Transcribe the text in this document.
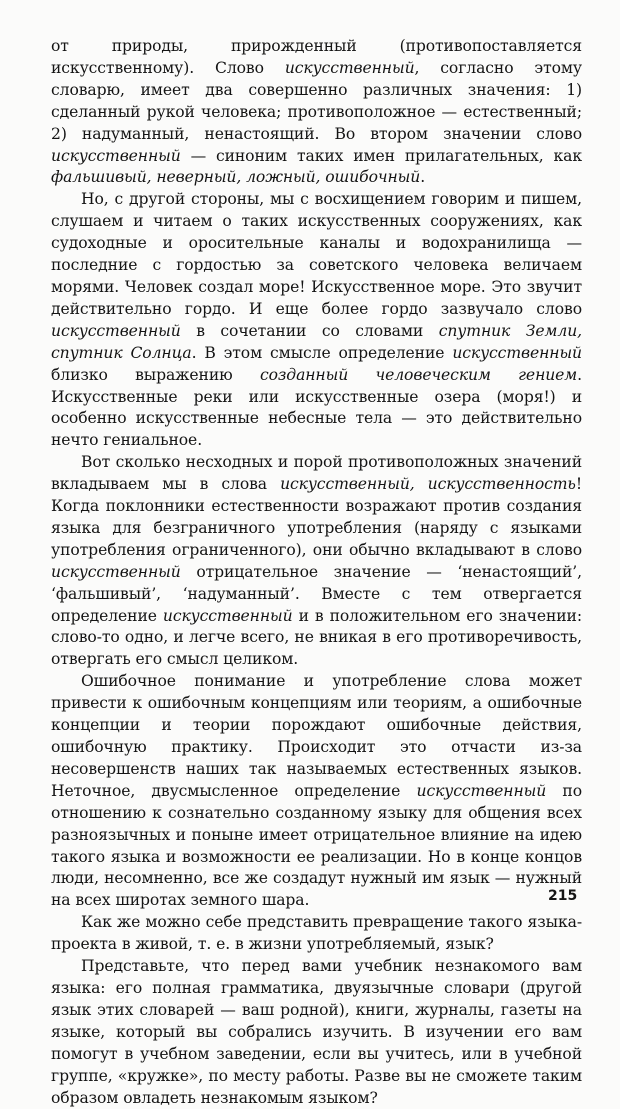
от природы, прирожденный (противопоставляется искусственному). Слово искусственный, согласно этому словарю, имеет два совершенно различных значения: 1) сделанный рукой человека; противоположное — естественный; 2) надуманный, ненастоящий. Во втором значении слово искусственный — синоним таких имен прилагательных, как фальшивый, неверный, ложный, ошибочный.

Но, с другой стороны, мы с восхищением говорим и пишем, слушаем и читаем о таких искусственных сооружениях, как судоходные и оросительные каналы и водохранилища — последние с гордостью за советского человека величаем морями. Человек создал море! Искусственное море. Это звучит действительно гордо. И еще более гордо зазвучало слово искусственный в сочетании со словами спутник Земли, спутник Солнца. В этом смысле определение искусственный близко выражению созданный человеческим гением. Искусственные реки или искусственные озера (моря!) и особенно искусственные небесные тела — это действительно нечто гениальное.

Вот сколько несходных и порой противоположных значений вкладываем мы в слова искусственный, искусственность! Когда поклонники естественности возражают против создания языка для безграничного употребления (наряду с языками употребления ограниченного), они обычно вкладывают в слово искусственный отрицательное значение — ‘ненастоящий’, ‘фальшивый’, ‘надуманный’. Вместе с тем отвергается определение искусственный и в положительном его значении: слово-то одно, и легче всего, не вникая в его противоречивость, отвергать его смысл целиком.

Ошибочное понимание и употребление слова может привести к ошибочным концепциям или теориям, а ошибочные концепции и теории порождают ошибочные действия, ошибочную практику. Происходит это отчасти из-за несовершенств наших так называемых естественных языков. Неточное, двусмысленное определение искусственный по отношению к сознательно созданному языку для общения всех разноязычных и поныне имеет отрицательное влияние на идею такого языка и возможности ее реализации. Но в конце концов люди, несомненно, все же создадут нужный им язык — нужный на всех широтах земного шара.

Как же можно себе представить превращение такого языка-проекта в живой, т. е. в жизни употребляемый, язык?

Представьте, что перед вами учебник незнакомого вам языка: его полная грамматика, двуязычные словари (другой язык этих словарей — ваш родной), книги, журналы, газеты на языке, который вы собрались изучить. В изучении его вам помогут в учебном заведении, если вы учитесь, или в учебной группе, «кружке», по месту работы. Разве вы не сможете таким образом овладеть незнакомым языком?

215
